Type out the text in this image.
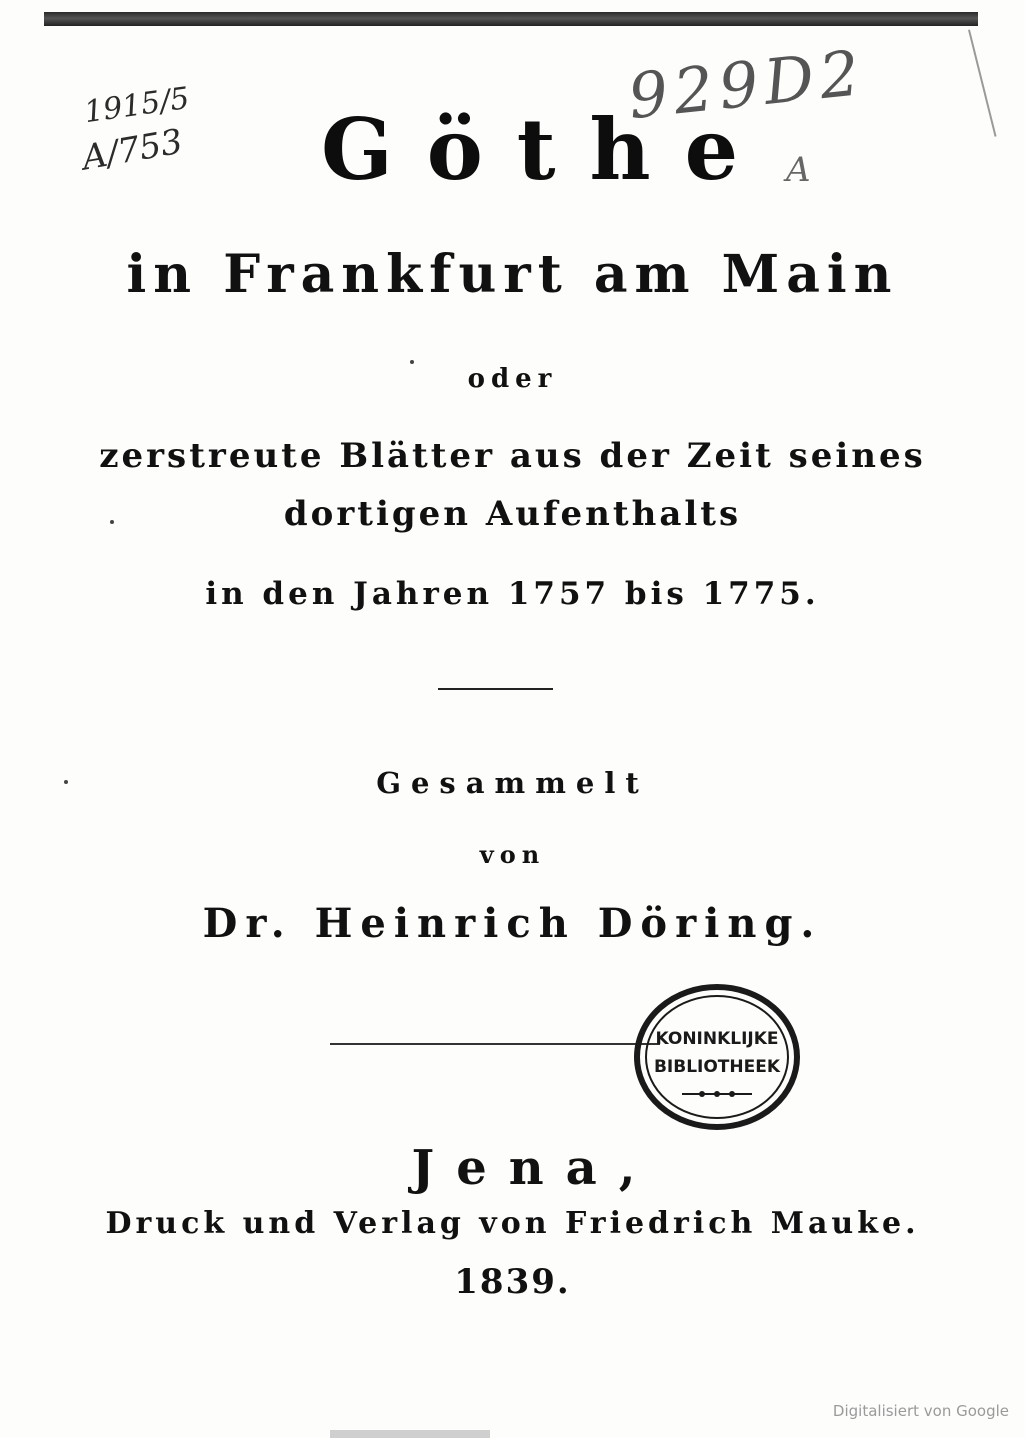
1915/5
A/753
929D2
A
Göthe
in Frankfurt am Main
oder
zerstreute Blätter aus der Zeit seines
dortigen Aufenthalts
in den Jahren 1757 bis 1775.
Gesammelt
von
Dr. Heinrich Döring.
KONINKLIJKE
BIBLIOTHEEK
Jena,
Druck und Verlag von Friedrich Mauke.
1839.
Digitalisiert von Google
